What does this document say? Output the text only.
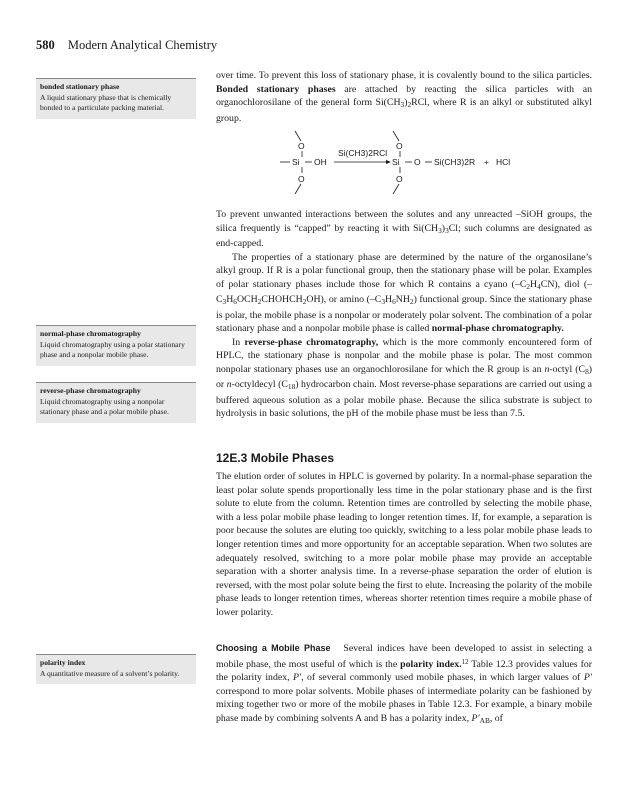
580 Modern Analytical Chemistry
bonded stationary phase
A liquid stationary phase that is chemically bonded to a particulate packing material.
normal-phase chromatography
Liquid chromatography using a polar stationary phase and a nonpolar mobile phase.
reverse-phase chromatography
Liquid chromatography using a nonpolar stationary phase and a polar mobile phase.
polarity index
A quantitative measure of a solvent’s polarity.

over time. To prevent this loss of stationary phase, it is covalently bound to the silica particles. Bonded stationary phases are attached by reacting the silica particles with an organochlorosilane of the general form $Si(CH_3)_2RCl$, where R is an alkyl or substituted alkyl group.

O
Si OH
O
Si(CH3)2RCl
O
Si O Si(CH3)2R + HCl
O

To prevent unwanted interactions between the solutes and any unreacted –SiOH groups, the silica frequently is “capped” by reacting it with $Si(CH_3)_3Cl$; such columns are designated as end-capped.

The properties of a stationary phase are determined by the nature of the organosilane’s alkyl group. If R is a polar functional group, then the stationary phase will be polar. Examples of polar stationary phases include those for which R contains a cyano $(-C_2H_4CN)$, diol $(-C_3H_6OCH_2CHOHCH_2OH)$, or amino $(-C_3H_6NH_2)$ functional group. Since the stationary phase is polar, the mobile phase is a nonpolar or moderately polar solvent. The combination of a polar stationary phase and a nonpolar mobile phase is called normal-phase chromatography.

In reverse-phase chromatography, which is the more commonly encountered form of HPLC, the stationary phase is nonpolar and the mobile phase is polar. The most common nonpolar stationary phases use an organochlorosilane for which the R group is an n-octyl $(C_8)$ or n-octyldecyl $(C_{18})$ hydrocarbon chain. Most reverse-phase separations are carried out using a buffered aqueous solution as a polar mobile phase. Because the silica substrate is subject to hydrolysis in basic solutions, the pH of the mobile phase must be less than 7.5.

12E.3 Mobile Phases

The elution order of solutes in HPLC is governed by polarity. In a normal-phase separation the least polar solute spends proportionally less time in the polar stationary phase and is the first solute to elute from the column. Retention times are controlled by selecting the mobile phase, with a less polar mobile phase leading to longer retention times. If, for example, a separation is poor because the solutes are eluting too quickly, switching to a less polar mobile phase leads to longer retention times and more opportunity for an acceptable separation. When two solutes are adequately resolved, switching to a more polar mobile phase may provide an acceptable separation with a shorter analysis time. In a reverse-phase separation the order of elution is reversed, with the most polar solute being the first to elute. Increasing the polarity of the mobile phase leads to longer retention times, whereas shorter retention times require a mobile phase of lower polarity.

Choosing a Mobile Phase Several indices have been developed to assist in selecting a mobile phase, the most useful of which is the polarity index.$^{12}$ Table 12.3 provides values for the polarity index, P′, of several commonly used mobile phases, in which larger values of P′ correspond to more polar solvents. Mobile phases of intermediate polarity can be fashioned by mixing together two or more of the mobile phases in Table 12.3. For example, a binary mobile phase made by combining solvents A and B has a polarity index, $P'_{AB}$, of
